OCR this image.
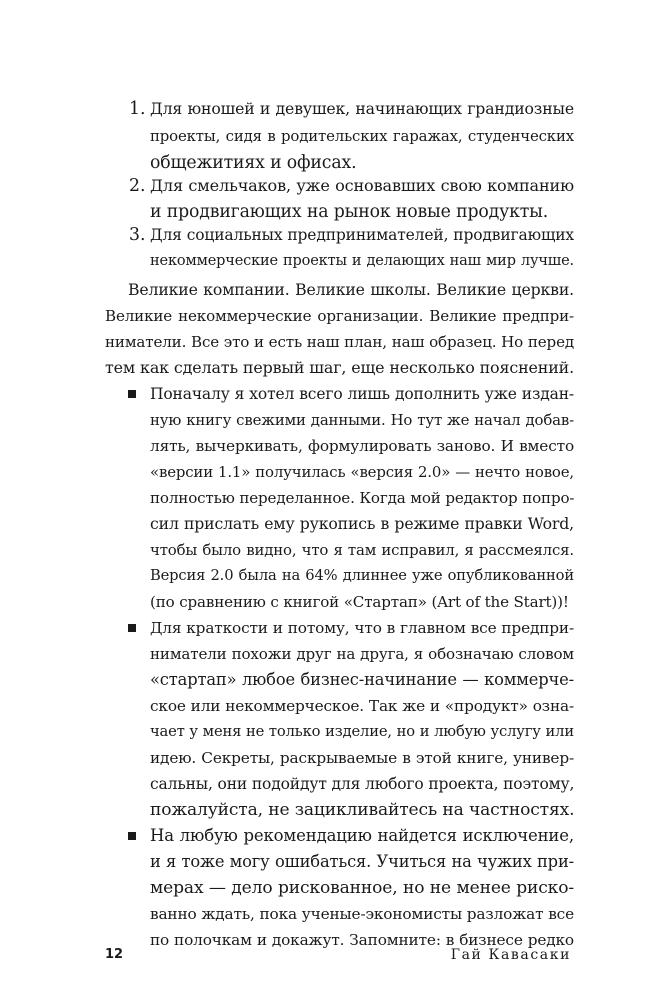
1. Для юношей и девушек, начинающих грандиозные
проекты, сидя в родительских гаражах, студенческих
общежитиях и офисах.
2. Для смельчаков, уже основавших свою компанию
и продвигающих на рынок новые продукты.
3. Для социальных предпринимателей, продвигающих
некоммерческие проекты и делающих наш мир лучше.
Великие компании. Великие школы. Великие церкви.
Великие некоммерческие организации. Великие предпри-
ниматели. Все это и есть наш план, наш образец. Но перед
тем как сделать первый шаг, еще несколько пояснений.
Поначалу я хотел всего лишь дополнить уже издан-
ную книгу свежими данными. Но тут же начал добав-
лять, вычеркивать, формулировать заново. И вместо
«версии 1.1» получилась «версия 2.0» — нечто новое,
полностью переделанное. Когда мой редактор попро-
сил прислать ему рукопись в режиме правки Word,
чтобы было видно, что я там исправил, я рассмеялся.
Версия 2.0 была на 64% длиннее уже опубликованной
(по сравнению с книгой «Стартап» (Art of the Start))!
Для краткости и потому, что в главном все предпри-
ниматели похожи друг на друга, я обозначаю словом
«стартап» любое бизнес-начинание — коммерче-
ское или некоммерческое. Так же и «продукт» озна-
чает у меня не только изделие, но и любую услугу или
идею. Секреты, раскрываемые в этой книге, универ-
сальны, они подойдут для любого проекта, поэтому,
пожалуйста, не зацикливайтесь на частностях.
На любую рекомендацию найдется исключение,
и я тоже могу ошибаться. Учиться на чужих при-
мерах — дело рискованное, но не менее риско-
ванно ждать, пока ученые-экономисты разложат все
по полочкам и докажут. Запомните: в бизнесе редко
12	Гай Кавасаки
